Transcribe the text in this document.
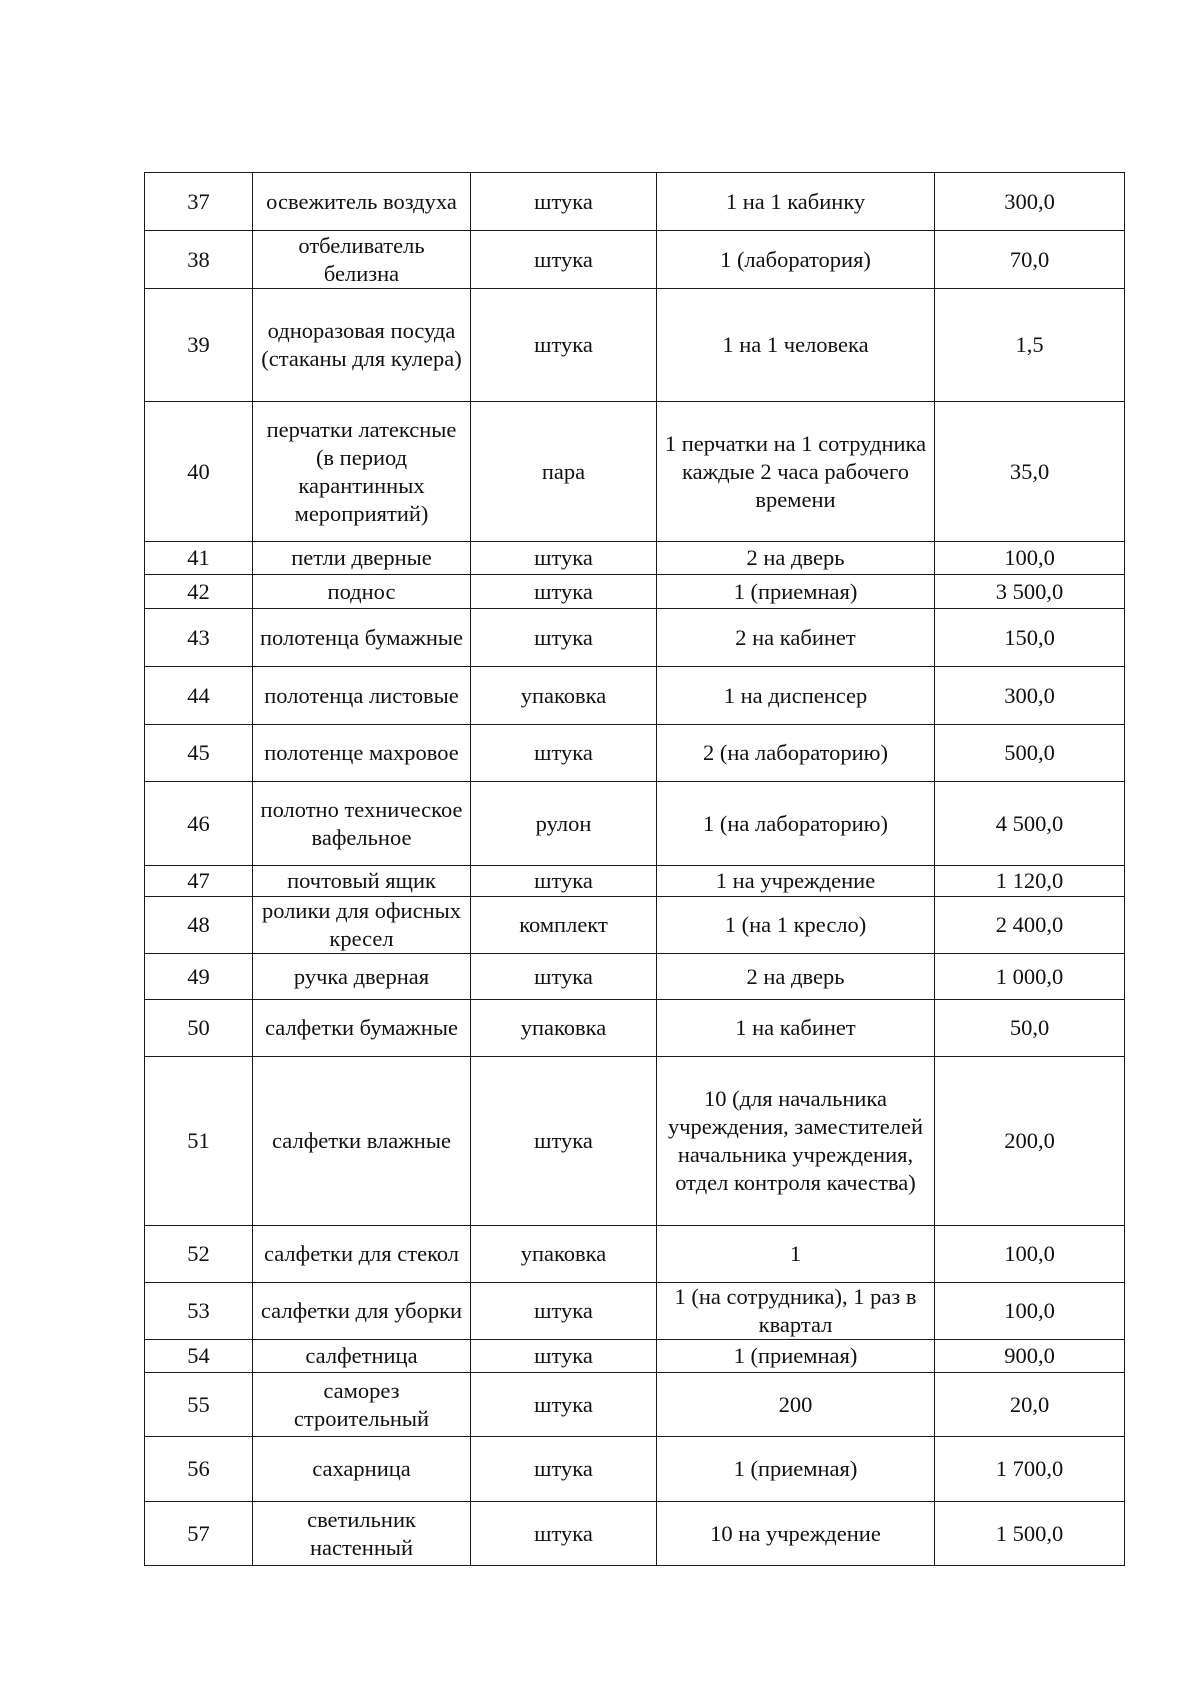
37	освежитель воздуха	штука	1 на 1 кабинку	300,0
38	отбеливатель белизна	штука	1 (лаборатория)	70,0
39	одноразовая посуда (стаканы для кулера)	штука	1 на 1 человека	1,5
40	перчатки латексные (в период карантинных мероприятий)	пара	1 перчатки на 1 сотрудника каждые 2 часа рабочего времени	35,0
41	петли дверные	штука	2 на дверь	100,0
42	поднос	штука	1 (приемная)	3 500,0
43	полотенца бумажные	штука	2 на кабинет	150,0
44	полотенца листовые	упаковка	1 на диспенсер	300,0
45	полотенце махровое	штука	2 (на лабораторию)	500,0
46	полотно техническое вафельное	рулон	1 (на лабораторию)	4 500,0
47	почтовый ящик	штука	1 на учреждение	1 120,0
48	ролики для офисных кресел	комплект	1 (на 1 кресло)	2 400,0
49	ручка дверная	штука	2 на дверь	1 000,0
50	салфетки бумажные	упаковка	1 на кабинет	50,0
51	салфетки влажные	штука	10 (для начальника учреждения, заместителей начальника учреждения, отдел контроля качества)	200,0
52	салфетки для стекол	упаковка	1	100,0
53	салфетки для уборки	штука	1 (на сотрудника), 1 раз в квартал	100,0
54	салфетница	штука	1 (приемная)	900,0
55	саморез строительный	штука	200	20,0
56	сахарница	штука	1 (приемная)	1 700,0
57	светильник настенный	штука	10 на учреждение	1 500,0
